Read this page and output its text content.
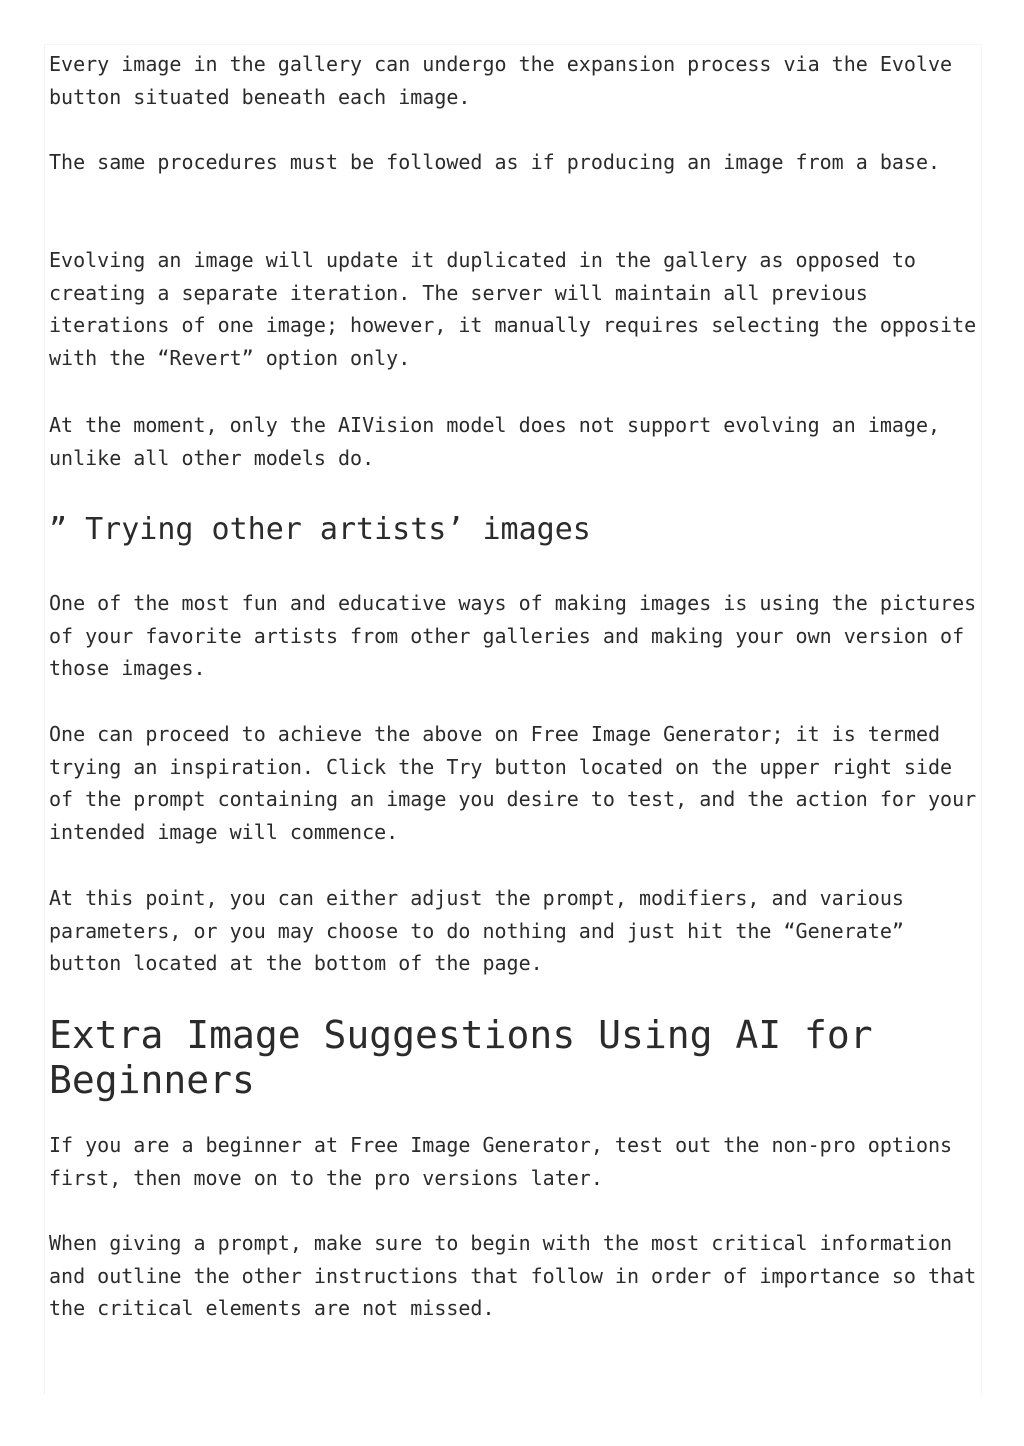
Every image in the gallery can undergo the expansion process via the Evolve button situated beneath each image.

The same procedures must be followed as if producing an image from a base.

Evolving an image will update it duplicated in the gallery as opposed to creating a separate iteration. The server will maintain all previous iterations of one image; however, it manually requires selecting the opposite with the “Revert” option only.

At the moment, only the AIVision model does not support evolving an image, unlike all other models do.

” Trying other artists’ images

One of the most fun and educative ways of making images is using the pictures of your favorite artists from other galleries and making your own version of those images.

One can proceed to achieve the above on Free Image Generator; it is termed trying an inspiration. Click the Try button located on the upper right side of the prompt containing an image you desire to test, and the action for your intended image will commence.

At this point, you can either adjust the prompt, modifiers, and various parameters, or you may choose to do nothing and just hit the “Generate” button located at the bottom of the page.

Extra Image Suggestions Using AI for Beginners

If you are a beginner at Free Image Generator, test out the non-pro options first, then move on to the pro versions later.

When giving a prompt, make sure to begin with the most critical information and outline the other instructions that follow in order of importance so that the critical elements are not missed.
